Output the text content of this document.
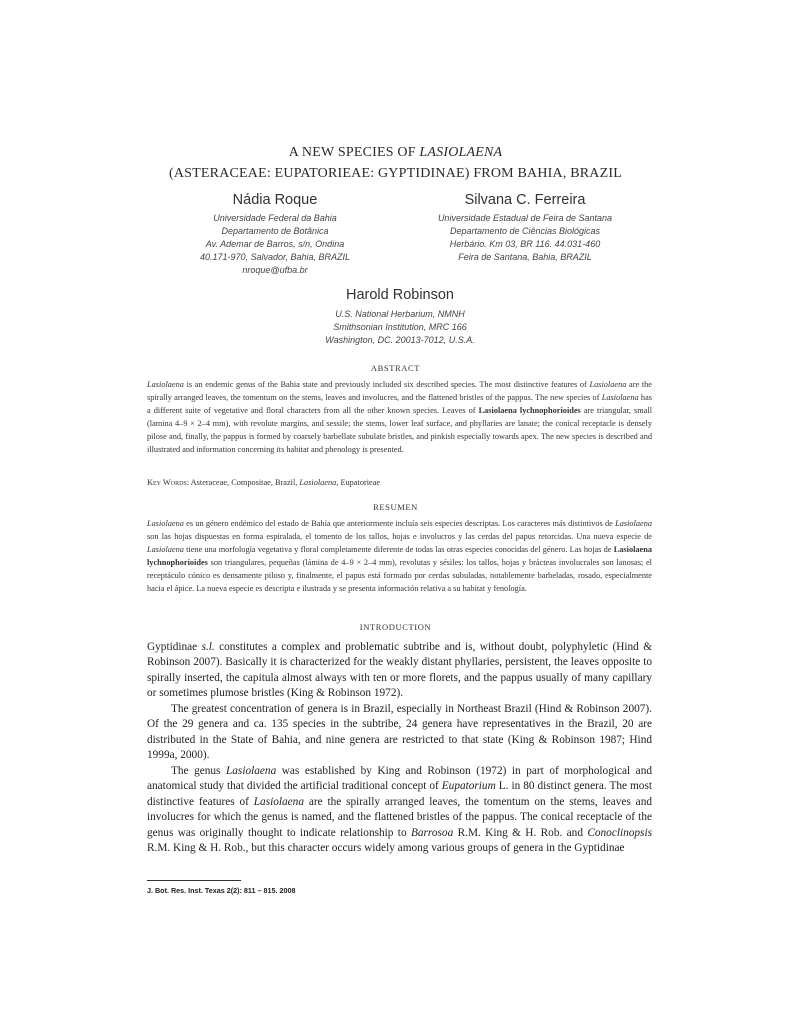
A NEW SPECIES OF LASIOLAENA
(ASTERACEAE: EUPATORIEAE: GYPTIDINAE) FROM BAHIA, BRAZIL
Nádia Roque
Universidade Federal da Bahia
Departamento de Botânica
Av. Ademar de Barros, s/n, Ondina
40.171-970, Salvador, Bahia, BRAZIL
nroque@ufba.br
Silvana C. Ferreira
Universidade Estadual de Feira de Santana
Departamento de Ciências Biológicas
Herbário. Km 03, BR 116. 44.031-460
Feira de Santana, Bahia, BRAZIL
Harold Robinson
U.S. National Herbarium, NMNH
Smithsonian Institution, MRC 166
Washington, DC. 20013-7012, U.S.A.
ABSTRACT
Lasiolaena is an endemic genus of the Bahia state and previously included six described species. The most distinctive features of Lasiolaena are the spirally arranged leaves, the tomentum on the stems, leaves and involucres, and the flattened bristles of the pappus. The new species of Lasiolaena has a different suite of vegetative and floral characters from all the other known species. Leaves of Lasiolaena lychnophorioides are triangular, small (lamina 4–9 × 2–4 mm), with revolute margins, and sessile; the stems, lower leaf surface, and phyllaries are lanate; the conical receptacle is densely pilose and, finally, the pappus is formed by coarsely barbellate subulate bristles, and pinkish especially towards apex. The new species is described and illustrated and information concerning its habitat and phenology is presented.
Key Words: Asteraceae, Compositae, Brazil, Lasiolaena, Eupatorieae
RESUMEN
Lasiolaena es un género endémico del estado de Bahía que anteriormente incluía seis especies descriptas. Los caracteres más distintivos de Lasiolaena son las hojas dispuestas en forma espiralada, el tomento de los tallos, hojas e involucros y las cerdas del papus retorcidas. Una nueva especie de Lasiolaena tiene una morfología vegetativa y floral completamente diferente de todas las otras especies conocidas del género. Las hojas de Lasiolaena lychnophorioides son triangulares, pequeñas (lámina de 4–9 × 2–4 mm), revolutas y sésiles: los tallos, hojas y brácteas involucrales son lanosas; el receptáculo cónico es densamente piloso y, finalmente, el papus está formado por cerdas subuladas, notablemente barbeladas, rosado, especialmente hacia el ápice. La nueva especie es descripta e ilustrada y se presenta información relativa a su habitat y fenología.
INTRODUCTION
Gyptidinae s.l. constitutes a complex and problematic subtribe and is, without doubt, polyphyletic (Hind & Robinson 2007). Basically it is characterized for the weakly distant phyllaries, persistent, the leaves opposite to spirally inserted, the capitula almost always with ten or more florets, and the pappus usually of many capillary or sometimes plumose bristles (King & Robinson 1972).
The greatest concentration of genera is in Brazil, especially in Northeast Brazil (Hind & Robinson 2007). Of the 29 genera and ca. 135 species in the subtribe, 24 genera have representatives in the Brazil, 20 are distributed in the State of Bahia, and nine genera are restricted to that state (King & Robinson 1987; Hind 1999a, 2000).
The genus Lasiolaena was established by King and Robinson (1972) in part of morphological and anatomical study that divided the artificial traditional concept of Eupatorium L. in 80 distinct genera. The most distinctive features of Lasiolaena are the spirally arranged leaves, the tomentum on the stems, leaves and involucres for which the genus is named, and the flattened bristles of the pappus. The conical receptacle of the genus was originally thought to indicate relationship to Barrosoa R.M. King & H. Rob. and Conoclinopsis R.M. King & H. Rob., but this character occurs widely among various groups of genera in the Gyptidinae
J. Bot. Res. Inst. Texas 2(2): 811 – 815. 2008
